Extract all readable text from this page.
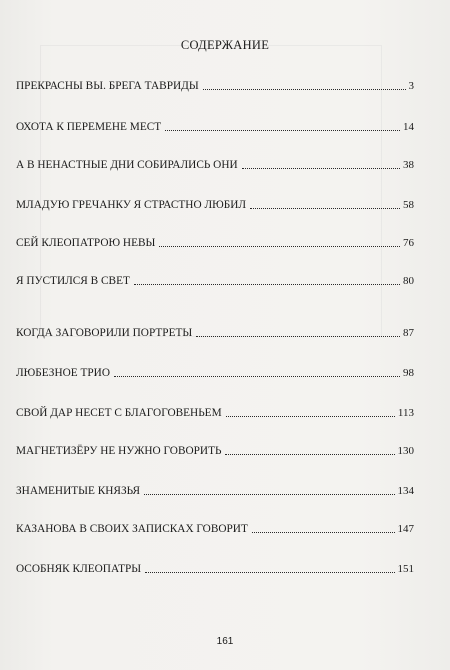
СОДЕРЖАНИЕ
ПРЕКРАСНЫ ВЫ. БРЕГА ТАВРИДЫ	3
ОХОТА К ПЕРЕМЕНЕ МЕСТ	14
А В НЕНАСТНЫЕ ДНИ СОБИРАЛИСЬ ОНИ	38
МЛАДУЮ ГРЕЧАНКУ Я СТРАСТНО ЛЮБИЛ	58
СЕЙ КЛЕОПАТРОЮ НЕВЫ	76
Я ПУСТИЛСЯ В СВЕТ	80
КОГДА ЗАГОВОРИЛИ ПОРТРЕТЫ	87
ЛЮБЕЗНОЕ ТРИО	98
СВОЙ ДАР НЕСЕТ С БЛАГОГОВЕНЬЕМ	113
МАГНЕТИЗЁРУ НЕ НУЖНО ГОВОРИТЬ	130
ЗНАМЕНИТЫЕ КНЯЗЬЯ	134
КАЗАНОВА В СВОИХ ЗАПИСКАХ ГОВОРИТ	147
ОСОБНЯК КЛЕОПАТРЫ	151
161
